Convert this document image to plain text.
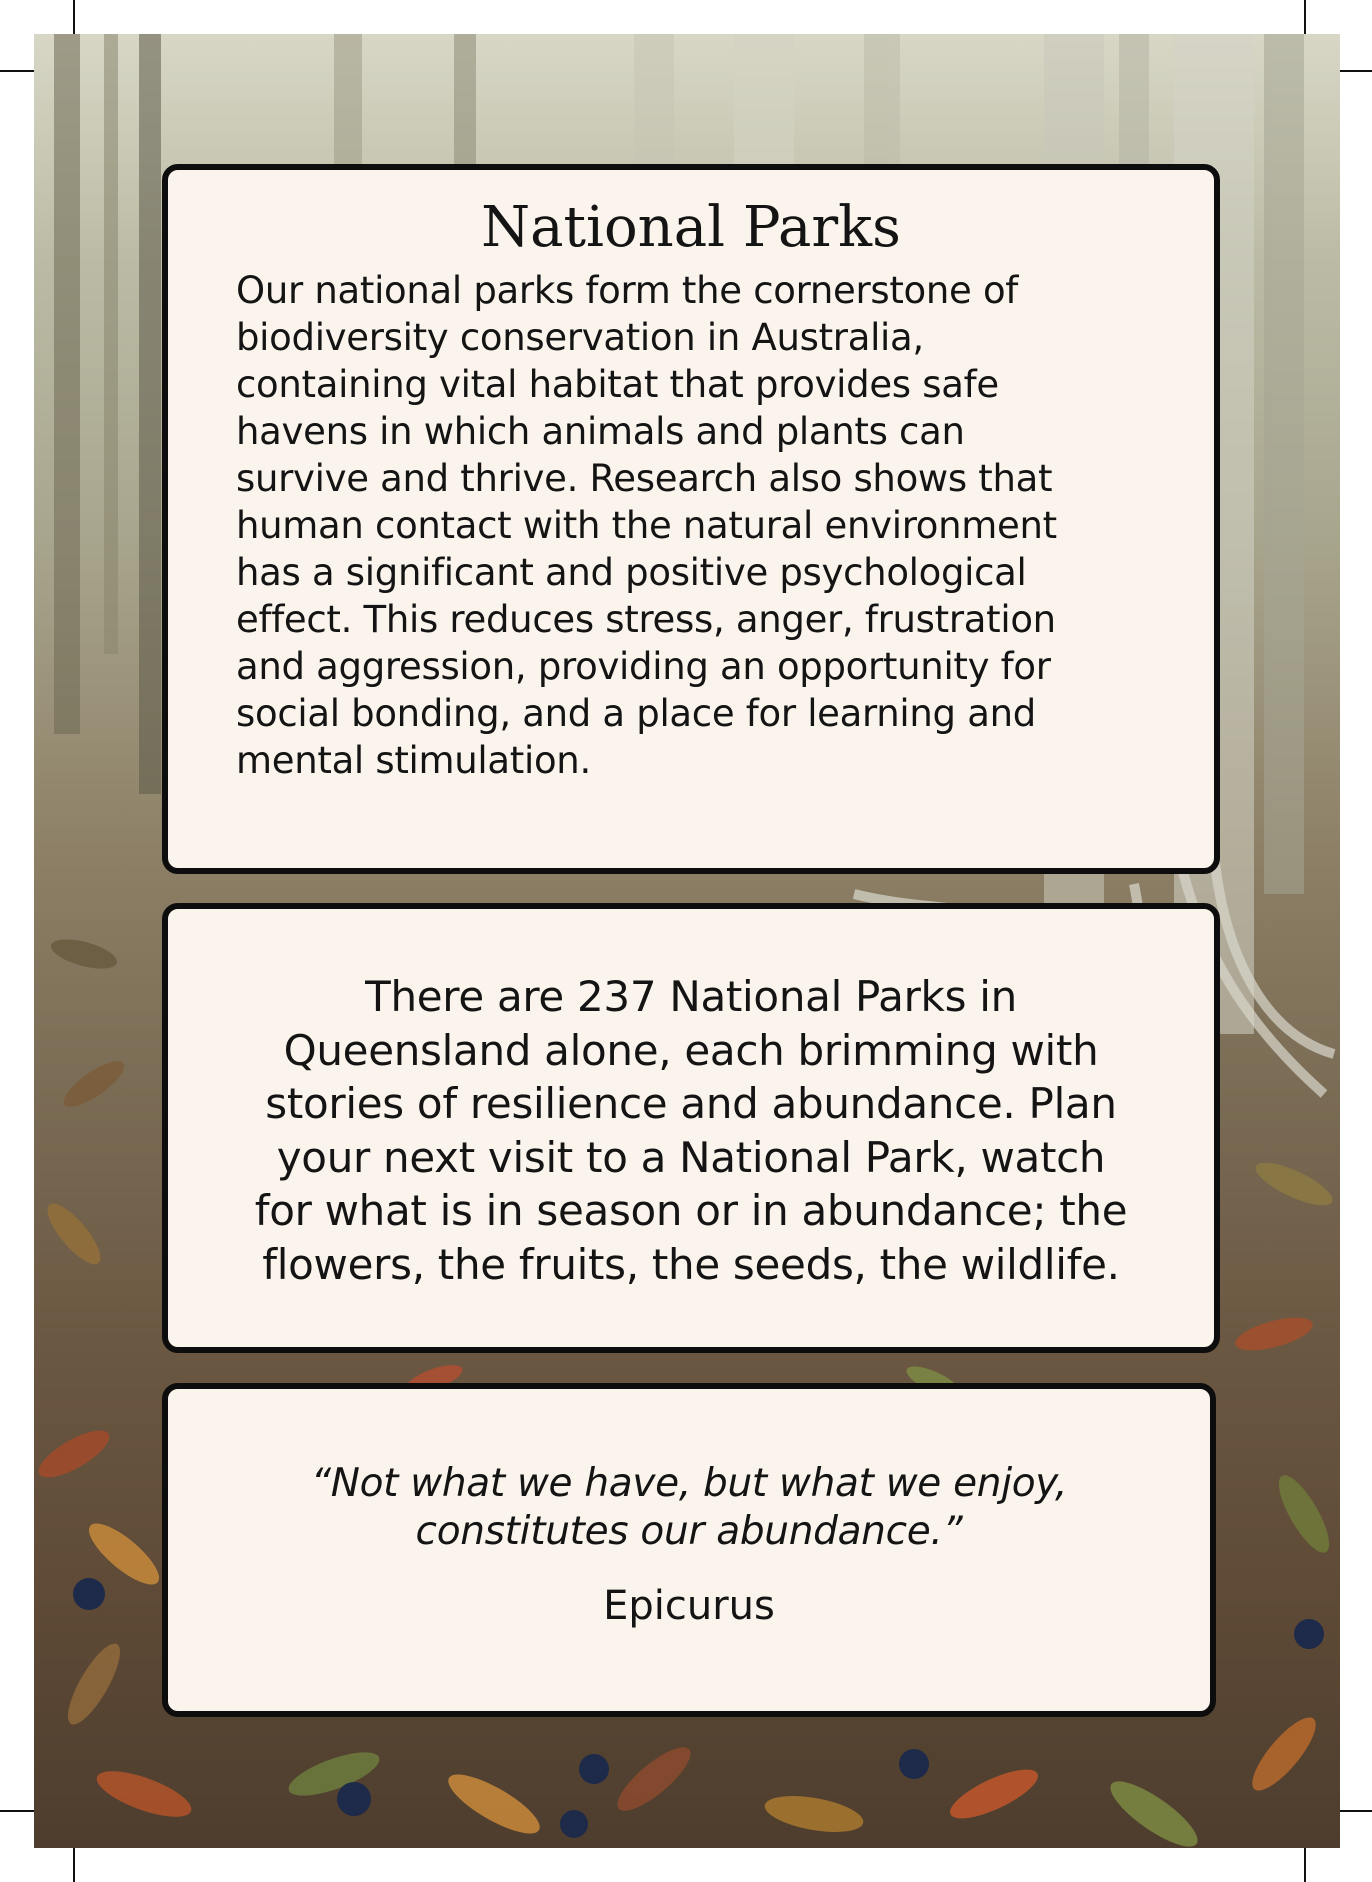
National Parks
Our national parks form the cornerstone of
biodiversity conservation in Australia,
containing vital habitat that provides safe
havens in which animals and plants can
survive and thrive. Research also shows that
human contact with the natural environment
has a significant and positive psychological
effect. This reduces stress, anger, frustration
and aggression, providing an opportunity for
social bonding, and a place for learning and
mental stimulation.
There are 237 National Parks in
Queensland alone, each brimming with
stories of resilience and abundance. Plan
your next visit to a National Park, watch
for what is in season or in abundance; the
flowers, the fruits, the seeds, the wildlife.
“Not what we have, but what we enjoy,
constitutes our abundance.”
Epicurus
